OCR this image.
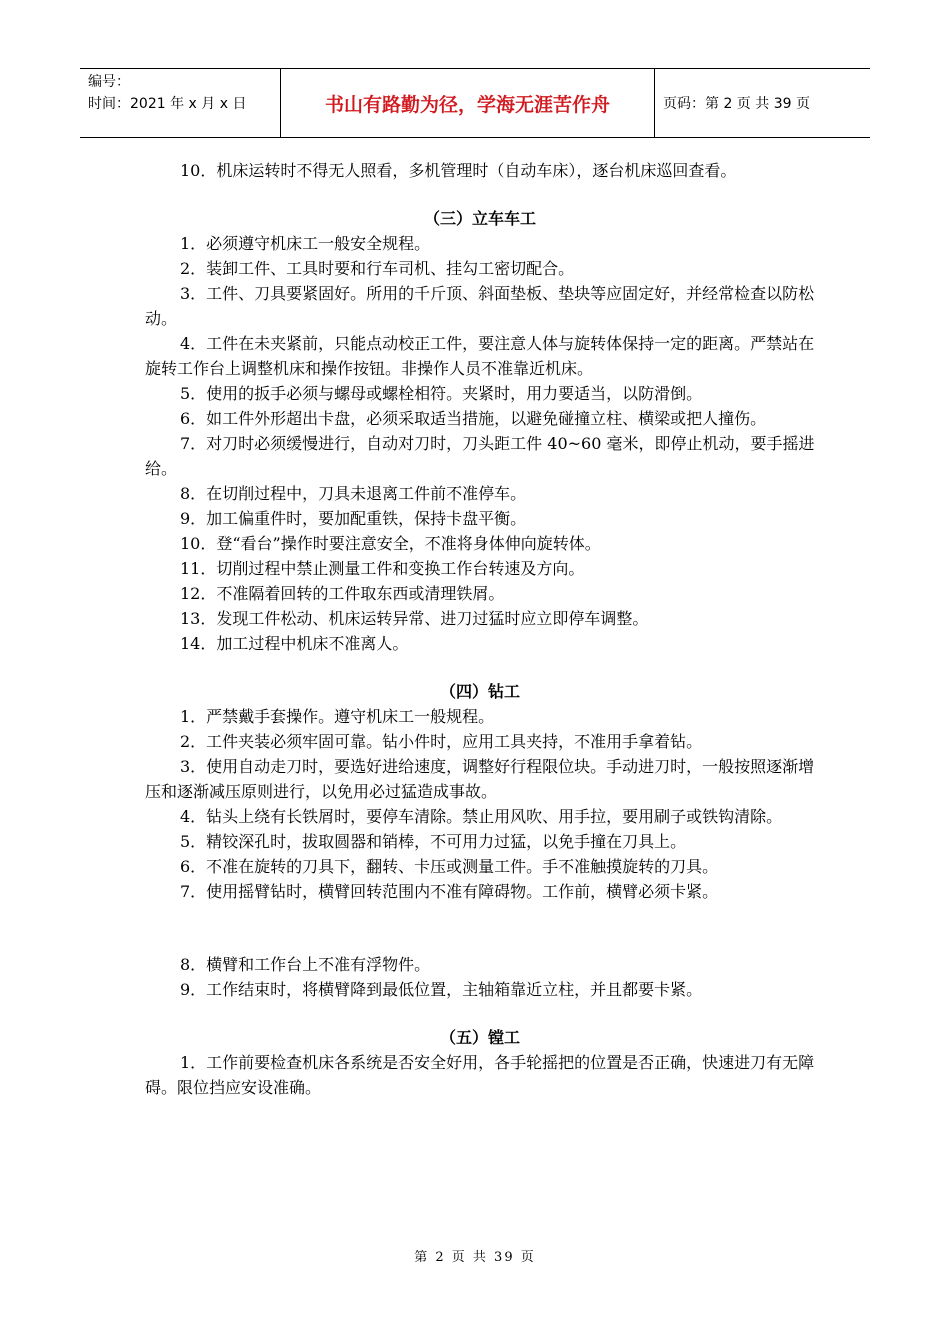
编号：
时间：2021 年 x 月 x 日	书山有路勤为径，学海无涯苦作舟	页码：第 2 页 共 39 页

10．机床运转时不得无人照看，多机管理时（自动车床），逐台机床巡回查看。

（三）立车车工

1．必须遵守机床工一般安全规程。

2．装卸工件、工具时要和行车司机、挂勾工密切配合。

3．工件、刀具要紧固好。所用的千斤顶、斜面垫板、垫块等应固定好，并经常检查以防松动。

4．工件在未夹紧前，只能点动校正工件，要注意人体与旋转体保持一定的距离。严禁站在旋转工作台上调整机床和操作按钮。非操作人员不准靠近机床。

5．使用的扳手必须与螺母或螺栓相符。夹紧时，用力要适当，以防滑倒。

6．如工件外形超出卡盘，必须采取适当措施，以避免碰撞立柱、横梁或把人撞伤。

7．对刀时必须缓慢进行，自动对刀时，刀头距工件 40~60 毫米，即停止机动，要手摇进给。

8．在切削过程中，刀具未退离工件前不准停车。

9．加工偏重件时，要加配重铁，保持卡盘平衡。

10．登“看台”操作时要注意安全，不准将身体伸向旋转体。

11．切削过程中禁止测量工件和变换工作台转速及方向。

12．不准隔着回转的工件取东西或清理铁屑。

13．发现工件松动、机床运转异常、进刀过猛时应立即停车调整。

14．加工过程中机床不准离人。

（四）钻工

1．严禁戴手套操作。遵守机床工一般规程。

2．工件夹装必须牢固可靠。钻小件时，应用工具夹持，不准用手拿着钻。

3．使用自动走刀时，要选好进给速度，调整好行程限位块。手动进刀时，一般按照逐渐增压和逐渐减压原则进行，以免用必过猛造成事故。

4．钻头上绕有长铁屑时，要停车清除。禁止用风吹、用手拉，要用刷子或铁钩清除。

5．精铰深孔时，拔取圆器和销棒，不可用力过猛，以免手撞在刀具上。

6．不准在旋转的刀具下，翻转、卡压或测量工件。手不准触摸旋转的刀具。

7．使用摇臂钻时，横臂回转范围内不准有障碍物。工作前，横臂必须卡紧。

8．横臂和工作台上不准有浮物件。

9．工作结束时，将横臂降到最低位置，主轴箱靠近立柱，并且都要卡紧。

（五）镗工

1．工作前要检查机床各系统是否安全好用，各手轮摇把的位置是否正确，快速进刀有无障碍。限位挡应安设准确。

第 2 页 共 39 页
